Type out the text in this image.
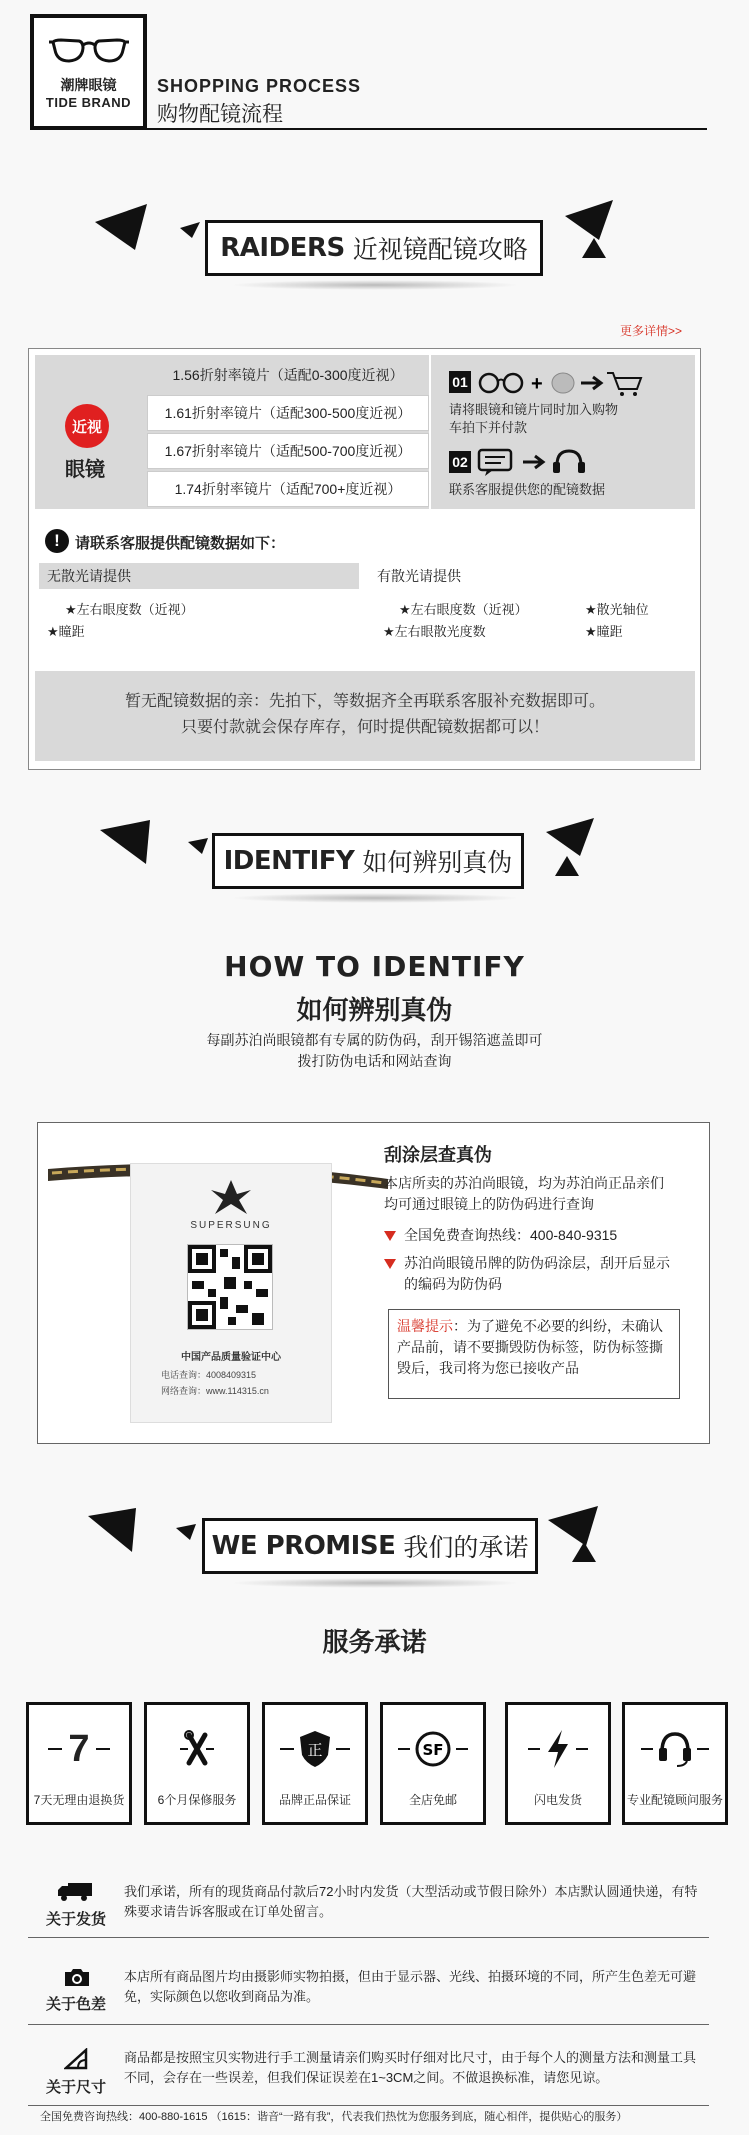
潮牌眼镜
TIDE BRAND
SHOPPING PROCESS
购物配镜流程
RAIDERS 近视镜配镜攻略
更多详情>>
近视
眼镜
1.56折射率镜片（适配0-300度近视）
1.61折射率镜片（适配300-500度近视）
1.67折射率镜片（适配500-700度近视）
1.74折射率镜片（适配700+度近视）
01	+
请将眼镜和镜片同时加入购物车拍下并付款
02
联系客服提供您的配镜数据
!	请联系客服提供配镜数据如下：
无散光请提供	有散光请提供
★左右眼度数（近视）
★瞳距
★左右眼度数（近视）	★散光轴位
★左右眼散光度数	★瞳距
暂无配镜数据的亲：先拍下，等数据齐全再联系客服补充数据即可。
只要付款就会保存库存，何时提供配镜数据都可以！
IDENTIFY 如何辨别真伪
HOW TO IDENTIFY
如何辨别真伪
每副苏泊尚眼镜都有专属的防伪码，刮开锡箔遮盖即可
拨打防伪电话和网站查询
SUPERSUNG
中国产品质量验证中心
电话查询：4008409315
网络查询：www.114315.cn
刮涂层查真伪
本店所卖的苏泊尚眼镜，均为苏泊尚正品亲们均可通过眼镜上的防伪码进行查询
全国免费查询热线：400-840-9315
苏泊尚眼镜吊牌的防伪码涂层，刮开后显示的编码为防伪码
温馨提示：为了避免不必要的纠纷，未确认产品前，请不要撕毁防伪标签，防伪标签撕毁后，我司将为您已接收产品
WE PROMISE 我们的承诺
服务承诺
7
7天无理由退换货	6个月保修服务
正
品牌正品保证
SF
全店免邮	闪电发货	专业配镜顾问服务
关于发货
我们承诺，所有的现货商品付款后72小时内发货（大型活动或节假日除外）本店默认圆通快递，有特殊要求请告诉客服或在订单处留言。
关于色差
本店所有商品图片均由摄影师实物拍摄，但由于显示器、光线、拍摄环境的不同，所产生色差无可避免，实际颜色以您收到商品为准。
关于尺寸
商品都是按照宝贝实物进行手工测量请亲们购买时仔细对比尺寸，由于每个人的测量方法和测量工具不同，会存在一些误差，但我们保证误差在1~3CM之间。不做退换标准，请您见谅。
全国免费咨询热线：400-880-1615 （1615：谐音“一路有我”，代表我们热忱为您服务到底，随心相伴，提供贴心的服务）
